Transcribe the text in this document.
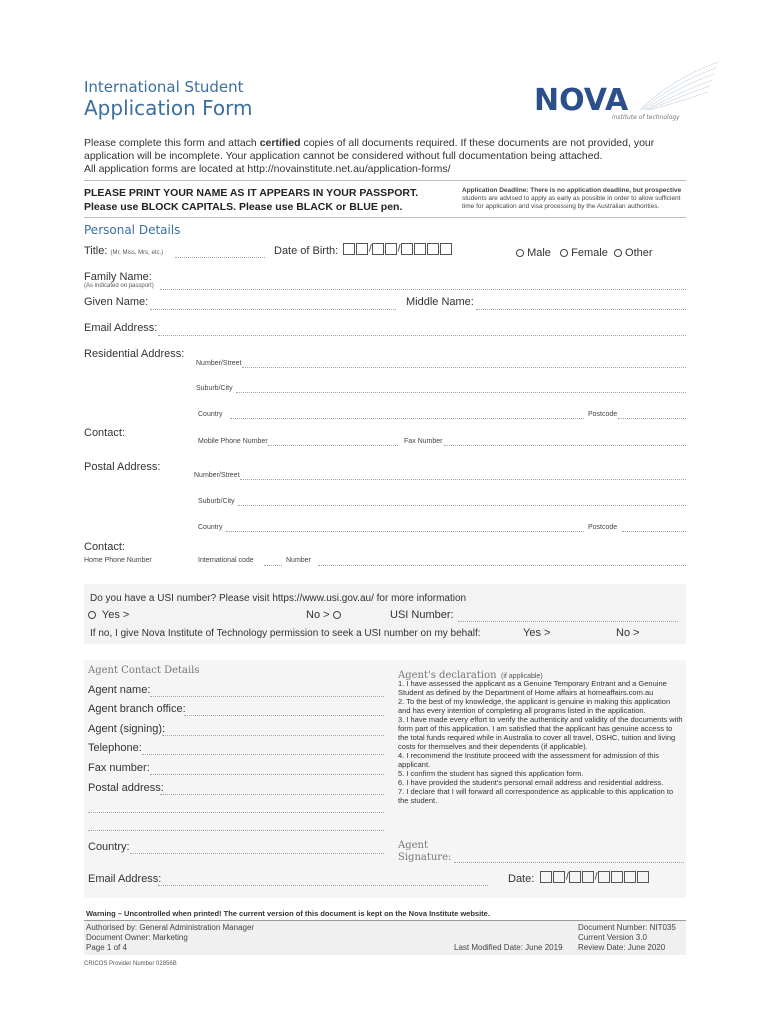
International Student
Application Form	NOVA
institute of technology
Please complete this form and attach certified copies of all documents required. If these documents are not provided, your
application will be incomplete. Your application cannot be considered without full documentation being attached.
All application forms are located at http://novainstitute.net.au/application-forms/
PLEASE PRINT YOUR NAME AS IT APPEARS IN YOUR PASSPORT.
Please use BLOCK CAPITALS. Please use BLACK or BLUE pen.
Application Deadline: There is no application deadline, but prospective
students are advised to apply as early as possible in order to allow sufficient
time for application and visa processing by the Australian authorities.
Personal Details
Title: (Mr, Miss, Mrs, etc.)	Date of Birth:	/	/	Male Female Other
Family Name:
(As indicated on passport)
Given Name:	Middle Name:
Email Address:
Residential Address:
Number/Street
Suburb/City
Country	Postcode
Contact:
Mobile Phone Number	Fax Number
Postal Address:
Number/Street
Suburb/City
Country	Postcode
Contact:
Home Phone Number	International code	Number
Do you have a USI number? Please visit https://www.usi.gov.au/ for more information
Yes >	No >	USI Number:
If no, I give Nova Institute of Technology permission to seek a USI number on my behalf:	Yes >	No >
Agent Contact Details
Agent name:
Agent branch office:
Agent (signing):
Telephone:
Fax number:
Postal address:
Country:
Email Address:
Agent's declaration (if applicable)
1. I have assessed the applicant as a Genuine Temporary Entrant and a Genuine Student as defined by the Department of Home affairs at homeaffairs.com.au
2. To the best of my knowledge, the applicant is genuine in making this application and has every intention of completing all programs listed in the application.
3. I have made every effort to verify the authenticity and validity of the documents with form part of this application. I am satisfied that the applicant has genuine access to the total funds required while in Australia to cover all travel, OSHC, tuition and living costs for themselves and their dependents (if applicable).
4. I recommend the Institute proceed with the assessment for admission of this applicant.
5. I confirm the student has signed this application form.
6. I have provided the student's personal email address and residential address.
7. I declare that I will forward all correspondence as applicable to this application to the student.
Agent
Signature:
Date:	/	/
Warning – Uncontrolled when printed! The current version of this document is kept on the Nova Institute website.
Authorised by: General Administration Manager
Document Owner: Marketing
Page 1 of 4	Last Modified Date: June 2019
Document Number: NIT035
Current Version 3.0
Review Date: June 2020
CRICOS Provider Number 02856B
